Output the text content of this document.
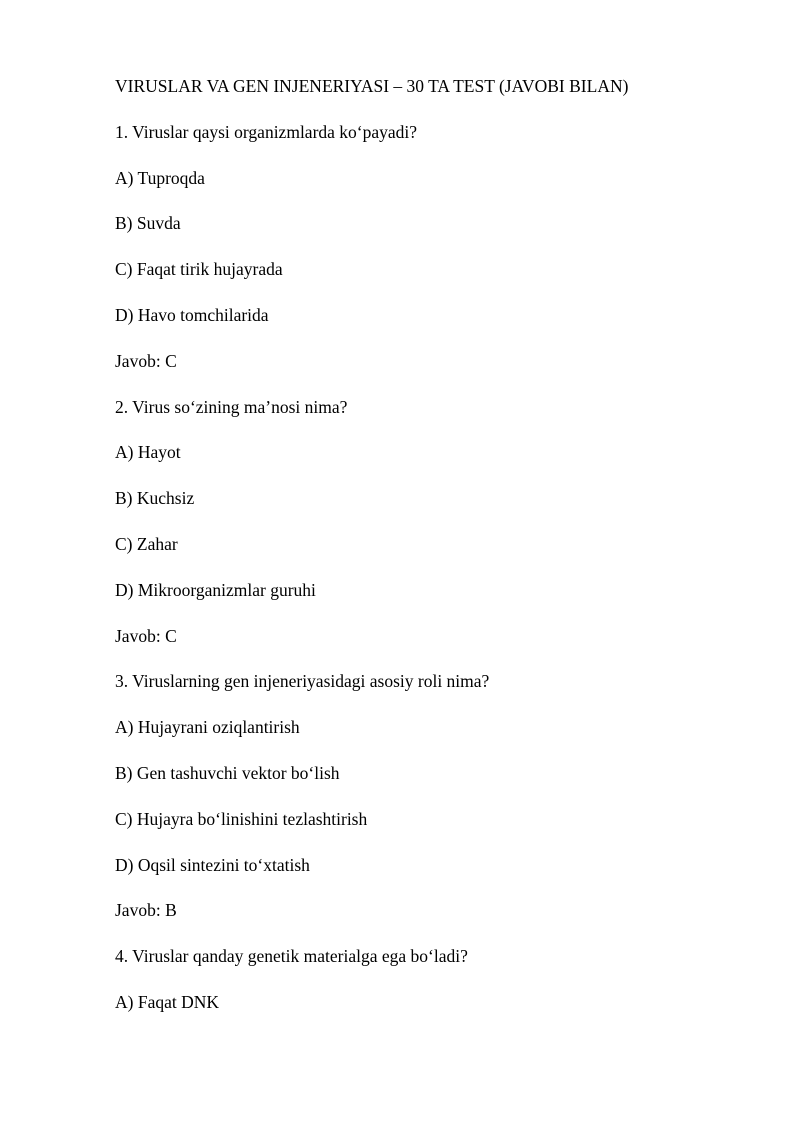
VIRUSLAR VA GEN INJENERIYASI – 30 TA TEST (JAVOBI BILAN)
1. Viruslar qaysi organizmlarda koʻpayadi?
A) Tuproqda
B) Suvda
C) Faqat tirik hujayrada
D) Havo tomchilarida
Javob: C
2. Virus soʻzining maʼnosi nima?
A) Hayot
B) Kuchsiz
C) Zahar
D) Mikroorganizmlar guruhi
Javob: C
3. Viruslarning gen injeneriyasidagi asosiy roli nima?
A) Hujayrani oziqlantirish
B) Gen tashuvchi vektor boʻlish
C) Hujayra boʻlinishini tezlashtirish
D) Oqsil sintezini toʻxtatish
Javob: B
4. Viruslar qanday genetik materialga ega boʻladi?
A) Faqat DNK
